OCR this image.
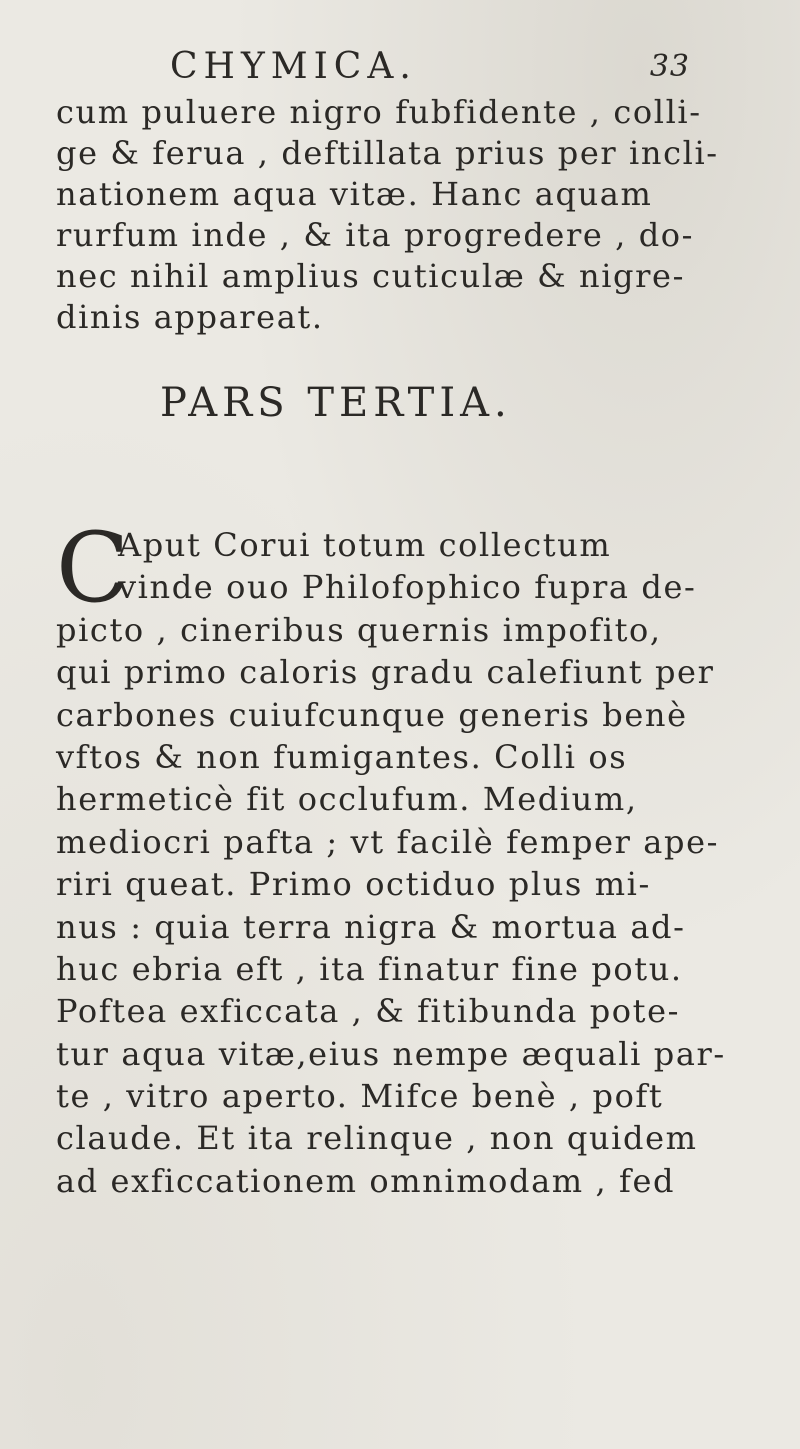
CHYMICA.	33
cum puluere nigro fubfidente , colli-
ge & ferua , deftillata prius per incli-
nationem aqua vitæ. Hanc aquam
rurfum inde , & ita progredere , do-
nec nihil amplius cuticulæ & nigre-
dinis appareat.
PARS TERTIA.
C
Aput Corui totum collectum
vinde ouo Philofophico fupra de-
picto , cineribus quernis impofito,
qui primo caloris gradu calefiunt per
carbones cuiufcunque generis benè
vftos & non fumigantes. Colli os
hermeticè fit occlufum. Medium,
mediocri pafta ; vt facilè femper ape-
riri queat. Primo octiduo plus mi-
nus : quia terra nigra & mortua ad-
huc ebria eft , ita finatur fine potu.
Poftea exficcata , & fitibunda pote-
tur aqua vitæ,eius nempe æquali par-
te , vitro aperto. Mifce benè , poft
claude. Et ita relinque , non quidem
ad exficcationem omnimodam , fed
